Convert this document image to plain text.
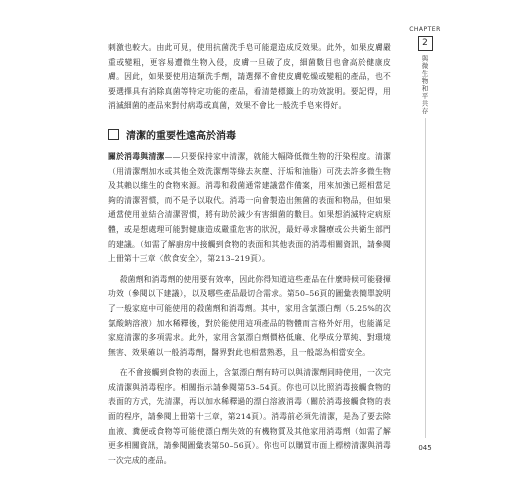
CHAPTER
2
與微生物和平共存

刺激也較大。由此可見，使用抗菌洗手皂可能還造成反效果。此外，如果皮膚嚴重或變粗，更容易遭微生物入侵，皮膚一旦破了皮，細菌數目也會高於健康皮膚。因此，如果要使用這類洗手劑，請選擇不會使皮膚乾燥或變粗的產品，也不要選擇具有消除真菌等特定功能的產品，看清楚標籤上的功效說明。要記得，用消滅細菌的產品來對付病毒或真菌，效果不會比一般洗手皂來得好。

清潔的重要性遠高於消毒

關於消毒與清潔——只要保持家中清潔，就能大幅降低微生物的汙染程度。清潔（用清潔劑加水或其他全效洗潔劑等綠去灰塵、汙垢和油脂）可洗去許多微生物及其賴以維生的食物來源。消毒和殺菌通常建議當作備案，用來加強已經相當足夠的清潔習慣，而不是予以取代。消毒一向會製造出無菌的表面和物品，但如果通當使用並結合清潔習慣，將有助於減少有害細菌的數目。如果想消滅特定病原體，或是想處理可能對健康造成嚴重危害的狀況，最好尋求醫療或公共衛生部門的建議。（如需了解廚房中接觸到食物的表面和其他表面的消毒相關資訊，請參閱上冊第十三章〈飲食安全〉，第213–219頁）。

殺菌劑和消毒劑的使用要有效率，因此你得知道這些產品在什麼時候可能發揮功效（參閱以下建議），以及哪些產品最切合需求。第50–56頁的圖彙表簡單說明了一般家庭中可能使用的殺菌劑和消毒劑。其中，家用含氯漂白劑（5.25%的次氯酸鈉溶液）加水稀釋後，對於能使用這項產品的物體而言格外好用，也能滿足家庭清潔的多項需求。此外，家用含氯漂白劑價格低廉、化學成分單純、對環境無害、效果確以一般消毒劑，醫界對此也相當熟悉，且一般認為相當安全。

在不會接觸到食物的表面上，含氯漂白劑有時可以與清潔劑同時使用，一次完成清潔與消毒程序。相關指示請參閱第53–54頁。你也可以比照消毒接觸食物的表面的方式，先清潔，再以加水稀釋過的漂白溶液消毒（關於消毒接觸食物的表面的程序，請參閱上冊第十三章，第214頁）。消毒前必須先清潔，是為了要去除血液、糞便或食物等可能使漂白劑失效的有機物質及其他家用消毒劑（如需了解更多相關資訊，請參閱圖彙表第50–56頁）。你也可以購買市面上標榜清潔與消毒一次完成的產品。

045
